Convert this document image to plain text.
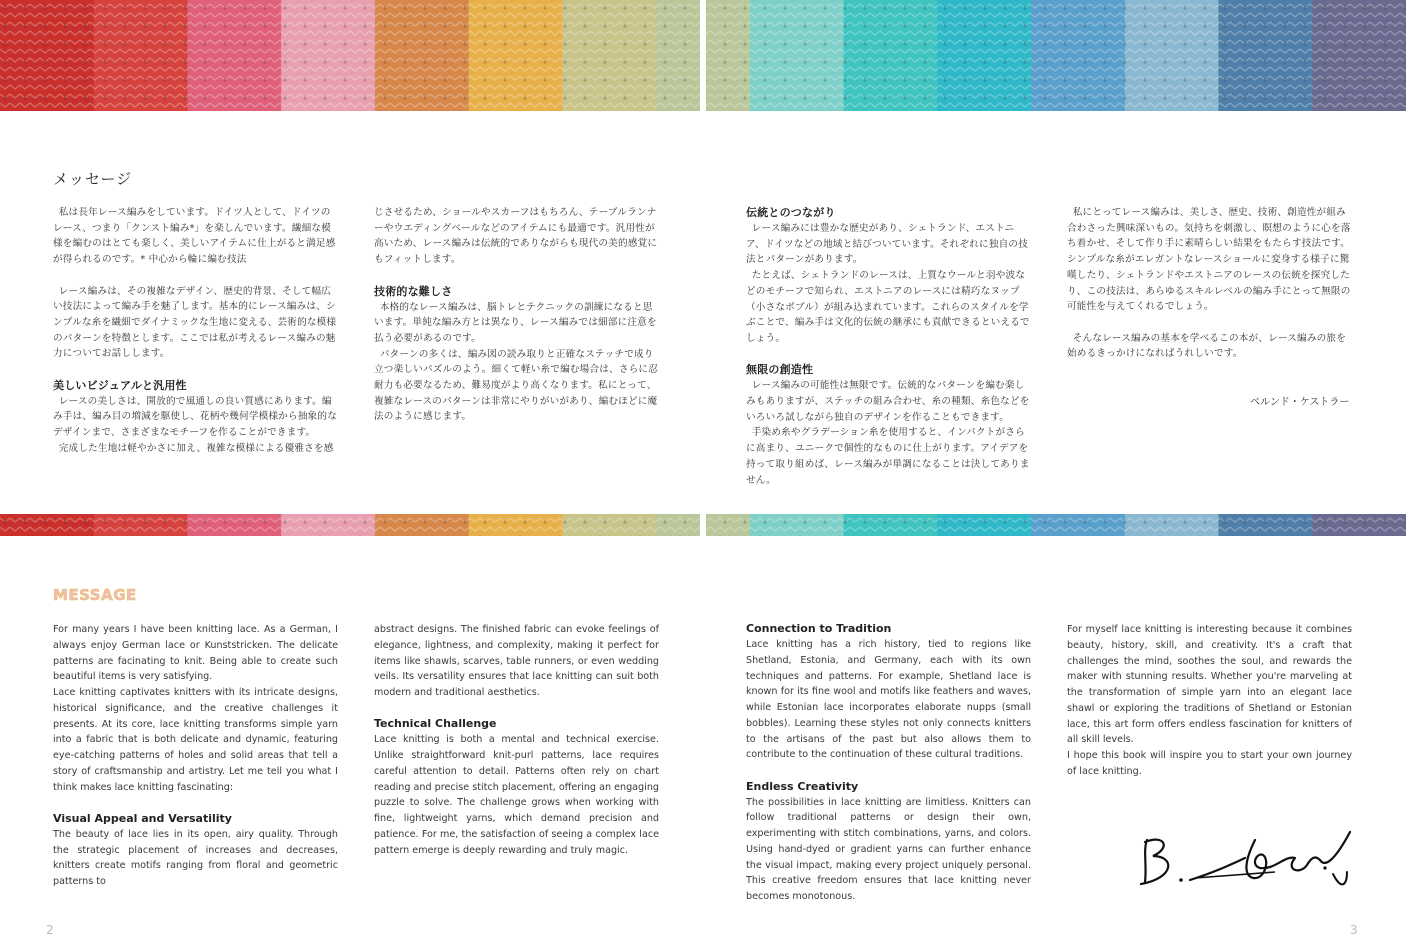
メッセージ

私は長年レース編みをしています。ドイツ人として、ドイツのレース、つまり「クンスト編み*」を楽しんでいます。繊細な模様を編むのはとても楽しく、美しいアイテムに仕上がると満足感が得られるのです。* 中心から輪に編む技法

レース編みは、その複雑なデザイン、歴史的背景、そして幅広い技法によって編み手を魅了します。基本的にレース編みは、シンプルな糸を繊細でダイナミックな生地に変える、芸術的な模様のパターンを特徴とします。ここでは私が考えるレース編みの魅力についてお話しします。

美しいビジュアルと汎用性

レースの美しさは、開放的で風通しの良い質感にあります。編み手は、編み目の増減を駆使し、花柄や幾何学模様から抽象的なデザインまで、さまざまなモチーフを作ることができます。

完成した生地は軽やかさに加え、複雑な模様による優雅さを感

じさせるため、ショールやスカーフはもちろん、テーブルランナーやウエディングベールなどのアイテムにも最適です。汎用性が高いため、レース編みは伝統的でありながらも現代の美的感覚にもフィットします。

技術的な難しさ

本格的なレース編みは、脳トレとテクニックの訓練になると思います。単純な編み方とは異なり、レース編みでは細部に注意を払う必要があるのです。

パターンの多くは、編み図の読み取りと正確なステッチで成り立つ楽しいパズルのよう。細くて軽い糸で編む場合は、さらに忍耐力も必要なるため、難易度がより高くなります。私にとって、複雑なレースのパターンは非常にやりがいがあり、編むほどに魔法のように感じます。

伝統とのつながり

レース編みには豊かな歴史があり、シェトランド、エストニア、ドイツなどの地域と結びついています。それぞれに独自の技法とパターンがあります。

たとえば、シェトランドのレースは、上質なウールと羽や波などのモチーフで知られ、エストニアのレースには精巧なヌップ（小さなボブル）が組み込まれています。これらのスタイルを学ぶことで、編み手は文化的伝統の継承にも貢献できるといえるでしょう。

無限の創造性

レース編みの可能性は無限です。伝統的なパターンを編む楽しみもありますが、ステッチの組み合わせ、糸の種類、糸色などをいろいろ試しながら独自のデザインを作ることもできます。

手染め糸やグラデーション糸を使用すると、インパクトがさらに高まり、ユニークで個性的なものに仕上がります。アイデアを持って取り組めば、レース編みが単調になることは決してありません。

私にとってレース編みは、美しさ、歴史、技術、創造性が組み合わさった興味深いもの。気持ちを刺激し、瞑想のように心を落ち着かせ、そして作り手に素晴らしい結果をもたらす技法です。シンプルな糸がエレガントなレースショールに変身する様子に驚嘆したり、シェトランドやエストニアのレースの伝統を探究したり、この技法は、あらゆるスキルレベルの編み手にとって無限の可能性を与えてくれるでしょう。

そんなレース編みの基本を学べるこの本が、レース編みの旅を始めるきっかけになればうれしいです。

ベルンド・ケストラー
MESSAGE

For many years I have been knitting lace. As a German, I always enjoy German lace or Kunststricken. The delicate patterns are facinating to knit. Being able to create such beautiful items is very satisfying.

Lace knitting captivates knitters with its intricate designs, historical significance, and the creative challenges it presents. At its core, lace knitting transforms simple yarn into a fabric that is both delicate and dynamic, featuring eye-catching patterns of holes and solid areas that tell a story of craftsmanship and artistry. Let me tell you what I think makes lace knitting fascinating:

Visual Appeal and Versatility

The beauty of lace lies in its open, airy quality. Through the strategic placement of increases and decreases, knitters create motifs ranging from floral and geometric patterns to

abstract designs. The finished fabric can evoke feelings of elegance, lightness, and complexity, making it perfect for items like shawls, scarves, table runners, or even wedding veils. Its versatility ensures that lace knitting can suit both modern and traditional aesthetics.

Technical Challenge

Lace knitting is both a mental and technical exercise. Unlike straightforward knit-purl patterns, lace requires careful attention to detail. Patterns often rely on chart reading and precise stitch placement, offering an engaging puzzle to solve. The challenge grows when working with fine, lightweight yarns, which demand precision and patience. For me, the satisfaction of seeing a complex lace pattern emerge is deeply rewarding and truly magic.

Connection to Tradition

Lace knitting has a rich history, tied to regions like Shetland, Estonia, and Germany, each with its own techniques and patterns. For example, Shetland lace is known for its fine wool and motifs like feathers and waves, while Estonian lace incorporates elaborate nupps (small bobbles). Learning these styles not only connects knitters to the artisans of the past but also allows them to contribute to the continuation of these cultural traditions.

Endless Creativity

The possibilities in lace knitting are limitless. Knitters can follow traditional patterns or design their own, experimenting with stitch combinations, yarns, and colors. Using hand-dyed or gradient yarns can further enhance the visual impact, making every project uniquely personal. This creative freedom ensures that lace knitting never becomes monotonous.

For myself lace knitting is interesting because it combines beauty, history, skill, and creativity. It's a craft that challenges the mind, soothes the soul, and rewards the maker with stunning results. Whether you're marveling at the transformation of simple yarn into an elegant lace shawl or exploring the traditions of Shetland or Estonian lace, this art form offers endless fascination for knitters of all skill levels.

I hope this book will inspire you to start your own journey of lace knitting.

2	3
